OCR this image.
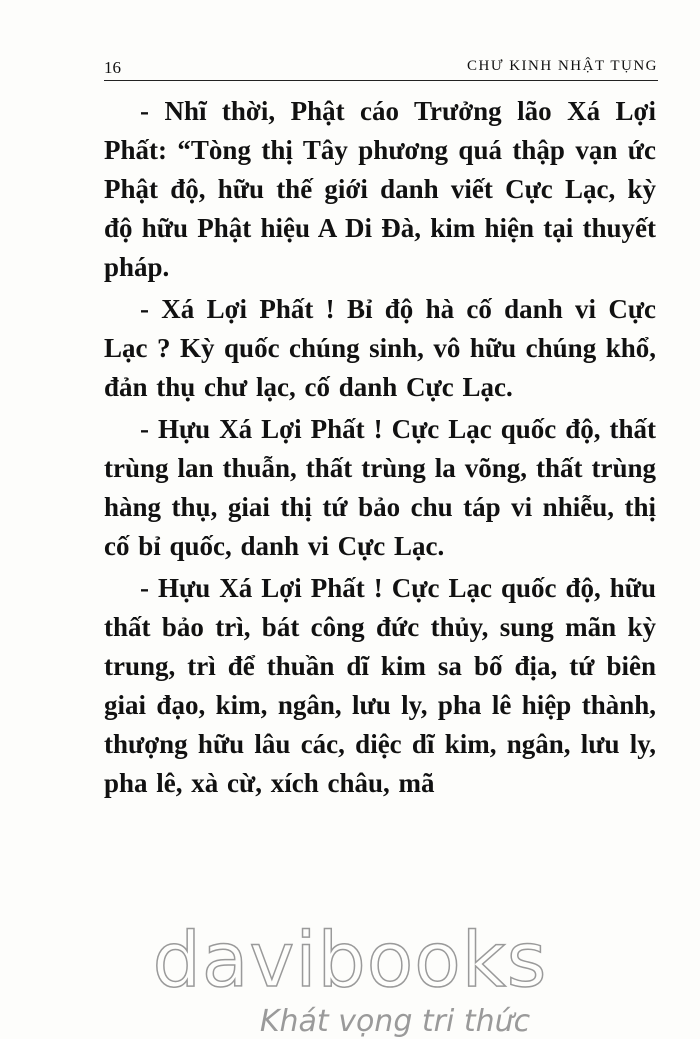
16	CHƯ KINH NHẬT TỤNG

- Nhĩ thời, Phật cáo Trưởng lão Xá Lợi Phất: “Tòng thị Tây phương quá thập vạn ức Phật độ, hữu thế giới danh viết Cực Lạc, kỳ độ hữu Phật hiệu A Di Đà, kim hiện tại thuyết pháp.

- Xá Lợi Phất ! Bỉ độ hà cố danh vi Cực Lạc ? Kỳ quốc chúng sinh, vô hữu chúng khổ, đản thụ chư lạc, cố danh Cực Lạc.

- Hựu Xá Lợi Phất ! Cực Lạc quốc độ, thất trùng lan thuẫn, thất trùng la võng, thất trùng hàng thụ, giai thị tứ bảo chu táp vi nhiễu, thị cố bỉ quốc, danh vi Cực Lạc.

- Hựu Xá Lợi Phất ! Cực Lạc quốc độ, hữu thất bảo trì, bát công đức thủy, sung mãn kỳ trung, trì để thuần dĩ kim sa bố địa, tứ biên giai đạo, kim, ngân, lưu ly, pha lê hiệp thành, thượng hữu lâu các, diệc dĩ kim, ngân, lưu ly, pha lê, xà cừ, xích châu, mã

davibooks
Khát vọng tri thức
